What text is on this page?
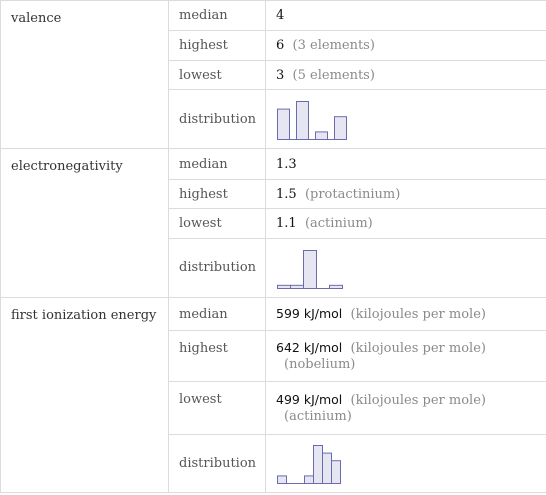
valence	median	4
	highest	6 (3 elements)
	lowest	3 (5 elements)
	distribution	

electronegativity	median	1.3
	highest	1.5 (protactinium)
	lowest	1.1 (actinium)
	distribution	

first ionization energy	median	599 kJ/mol (kilojoules per mole)
	highest	642 kJ/mol (kilojoules per mole)
(nobelium)

	lowest	499 kJ/mol (kilojoules per mole)
(actinium)

	distribution	
